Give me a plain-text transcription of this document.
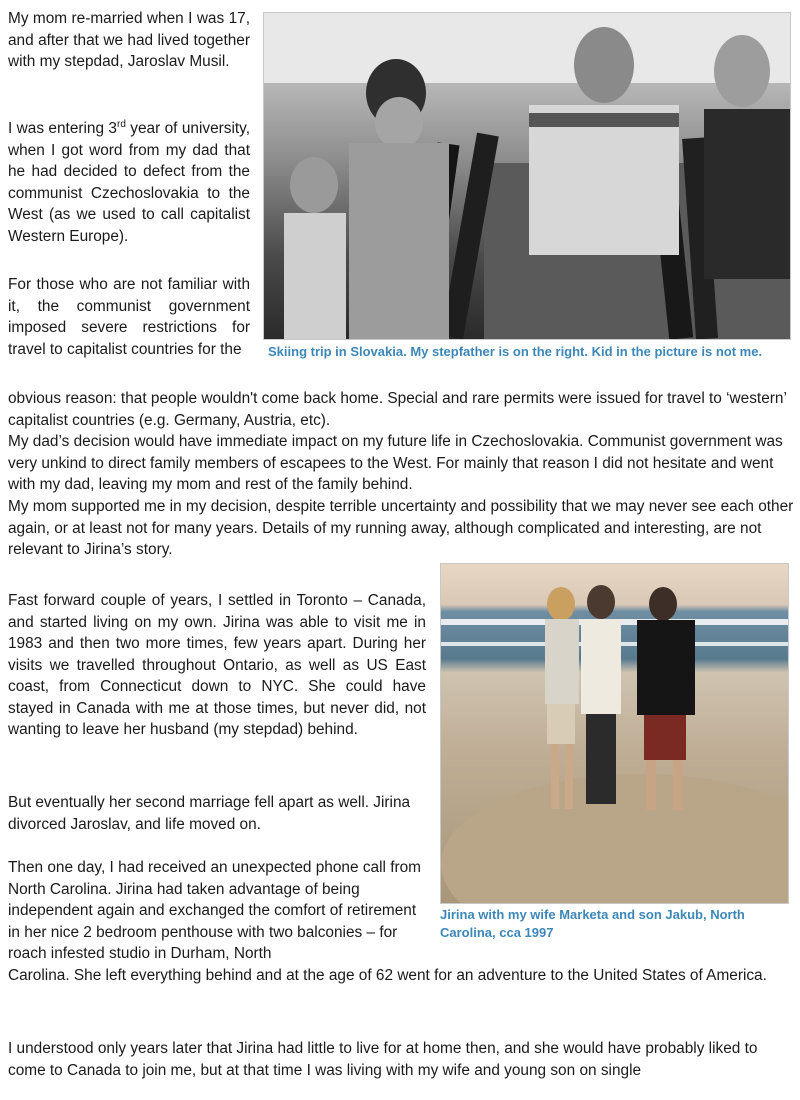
Skiing trip in Slovakia. My stepfather is on the right. Kid in the picture is not me.

Jirina with my wife Marketa and son Jakub, North Carolina, cca 1997

My mom re-married when I was 17, and after that we had lived together with my stepdad, Jaroslav Musil.

I was entering 3rd year of university, when I got word from my dad that he had decided to defect from the communist Czechoslovakia to the West (as we used to call capitalist Western Europe).

For those who are not familiar with it, the communist government imposed severe restrictions for travel to capitalist countries for the

obvious reason: that people wouldn't come back home. Special and rare permits were issued for travel to ‘western’ capitalist countries (e.g. Germany, Austria, etc).

My dad’s decision would have immediate impact on my future life in Czechoslovakia. Communist government was very unkind to direct family members of escapees to the West. For mainly that reason I did not hesitate and went with my dad, leaving my mom and rest of the family behind.

My mom supported me in my decision, despite terrible uncertainty and possibility that we may never see each other again, or at least not for many years. Details of my running away, although complicated and interesting, are not relevant to Jirina’s story.

Fast forward couple of years, I settled in Toronto – Canada, and started living on my own. Jirina was able to visit me in 1983 and then two more times, few years apart. During her visits we travelled throughout Ontario, as well as US East coast, from Connecticut down to NYC. She could have stayed in Canada with me at those times, but never did, not wanting to leave her husband (my stepdad) behind.

But eventually her second marriage fell apart as well. Jirina divorced Jaroslav, and life moved on.

Then one day, I had received an unexpected phone call from North Carolina. Jirina had taken advantage of being independent again and exchanged the comfort of retirement in her nice 2 bedroom penthouse with two balconies – for roach infested studio in Durham, North

Carolina. She left everything behind and at the age of 62 went for an adventure to the United States of America.

I understood only years later that Jirina had little to live for at home then, and she would have probably liked to come to Canada to join me, but at that time I was living with my wife and young son on single
